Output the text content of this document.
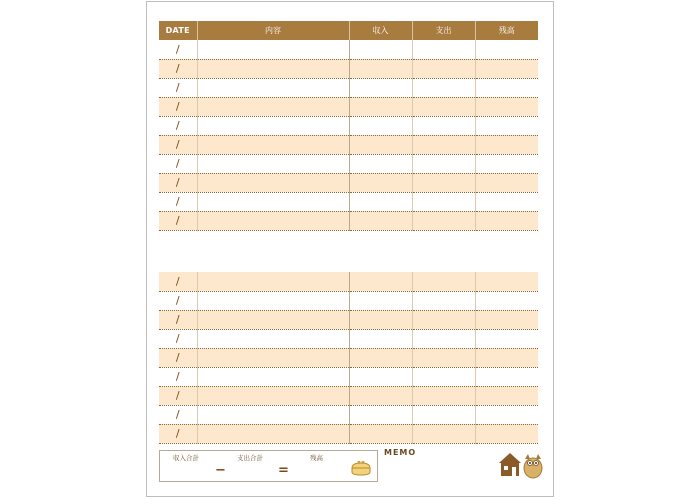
DATE	内容	収入	支出	残高
/				
/				
/				
/				
/				
/				
/				
/				
/				
/				
/				
/				
/				
/				
/				
/				
/				
/				
/				
収入合計	支出合計	残高
−	=
MEMO
